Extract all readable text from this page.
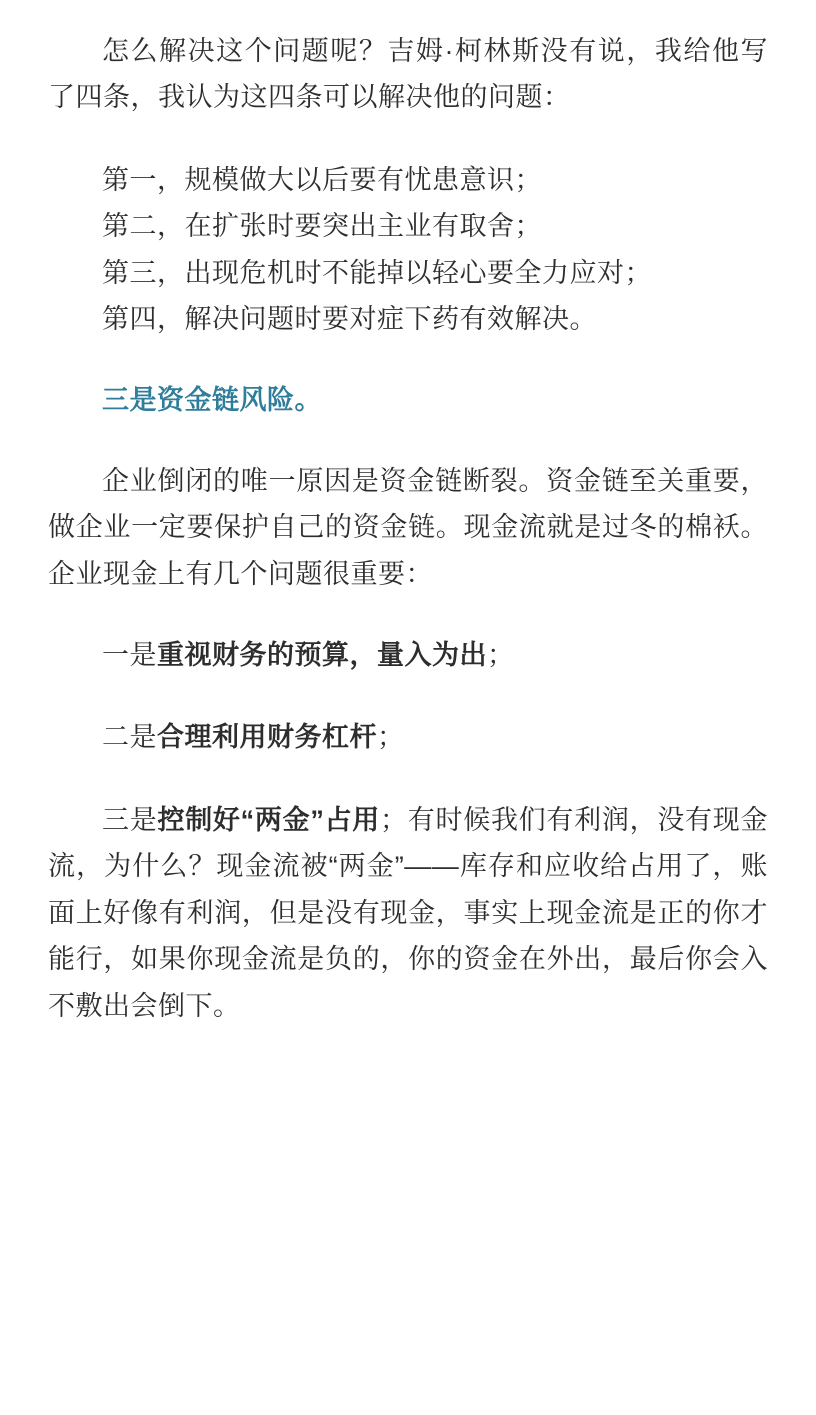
怎么解决这个问题呢？吉姆·柯林斯没有说，我给他写了四条，我认为这四条可以解决他的问题：

第一，规模做大以后要有忧患意识；

第二，在扩张时要突出主业有取舍；

第三，出现危机时不能掉以轻心要全力应对；

第四，解决问题时要对症下药有效解决。

三是资金链风险。

企业倒闭的唯一原因是资金链断裂。资金链至关重要，做企业一定要保护自己的资金链。现金流就是过冬的棉袄。企业现金上有几个问题很重要：

一是重视财务的预算，量入为出；

二是合理利用财务杠杆；

三是控制好“两金”占用；有时候我们有利润，没有现金流，为什么？现金流被“两金”——库存和应收给占用了，账面上好像有利润，但是没有现金，事实上现金流是正的你才能行，如果你现金流是负的，你的资金在外出，最后你会入不敷出会倒下。
